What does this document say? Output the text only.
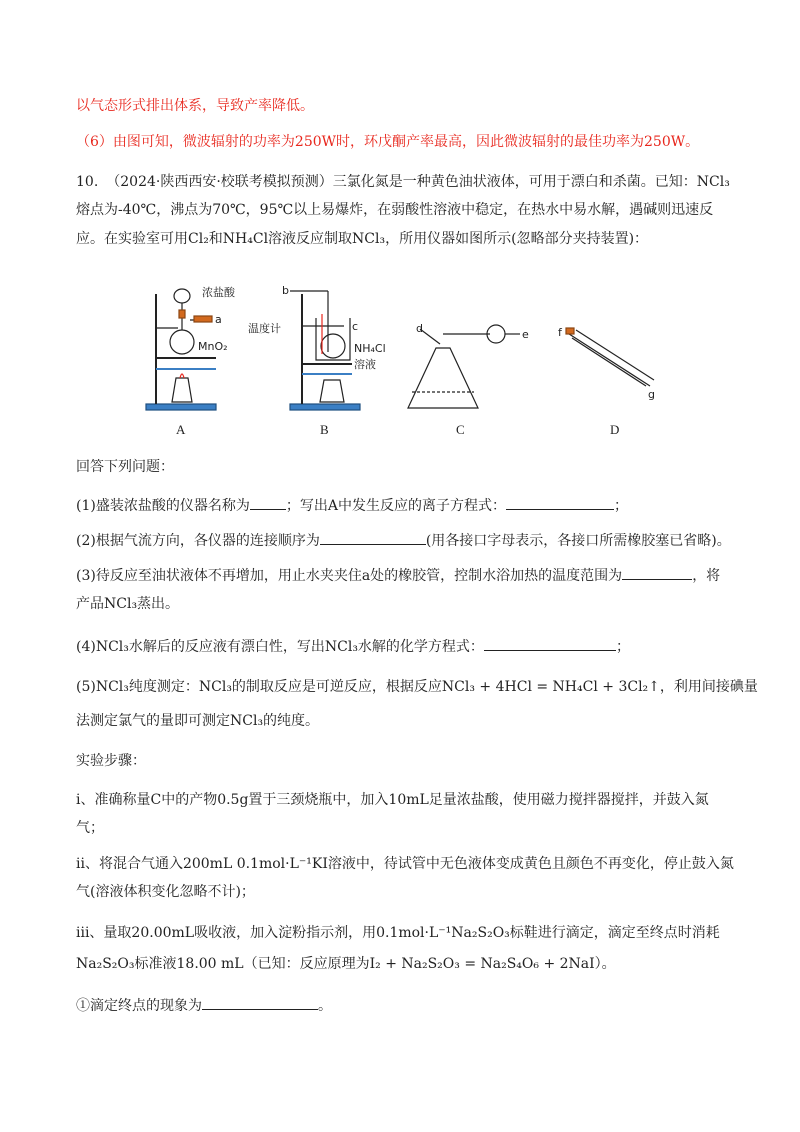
以气态形式排出体系，导致产率降低。
（6）由图可知，微波辐射的功率为250W时，环戊酮产率最高，因此微波辐射的最佳功率为250W。
10. （2024·陕西西安·校联考模拟预测）三氯化氮是一种黄色油状液体，可用于漂白和杀菌。已知：NCl₃
熔点为-40℃，沸点为70℃，95℃以上易爆炸，在弱酸性溶液中稳定，在热水中易水解，遇碱则迅速反
应。在实验室可用Cl₂和NH₄Cl溶液反应制取NCl₃，所用仪器如图所示(忽略部分夹持装置)：
浓盐酸
a
MnO₂
b
温度计	c
NH₄Cl
溶液
d	e	f
g
A	B	C	D
回答下列问题：
(1)盛装浓盐酸的仪器名称为	；写出A中发生反应的离子方程式：	；
(2)根据气流方向，各仪器的连接顺序为	(用各接口字母表示，各接口所需橡胶塞已省略)。
(3)待反应至油状液体不再增加，用止水夹夹住a处的橡胶管，控制水浴加热的温度范围为	，将
产品NCl₃蒸出。
(4)NCl₃水解后的反应液有漂白性，写出NCl₃水解的化学方程式：	；
(5)NCl₃纯度测定：NCl₃的制取反应是可逆反应，根据反应NCl₃ + 4HCl = NH₄Cl + 3Cl₂↑，利用间接碘量
法测定氯气的量即可测定NCl₃的纯度。
实验步骤：
i、准确称量C中的产物0.5g置于三颈烧瓶中，加入10mL足量浓盐酸，使用磁力搅拌器搅拌，并鼓入氮
气；
ii、将混合气通入200mL 0.1mol·L⁻¹KI溶液中，待试管中无色液体变成黄色且颜色不再变化，停止鼓入氮
气(溶液体积变化忽略不计)；
iii、量取20.00mL吸收液，加入淀粉指示剂，用0.1mol·L⁻¹Na₂S₂O₃标鞋进行滴定，滴定至终点时消耗
Na₂S₂O₃标准液18.00 mL（已知：反应原理为I₂ + Na₂S₂O₃ = Na₂S₄O₆ + 2NaI）。
①滴定终点的现象为	。
